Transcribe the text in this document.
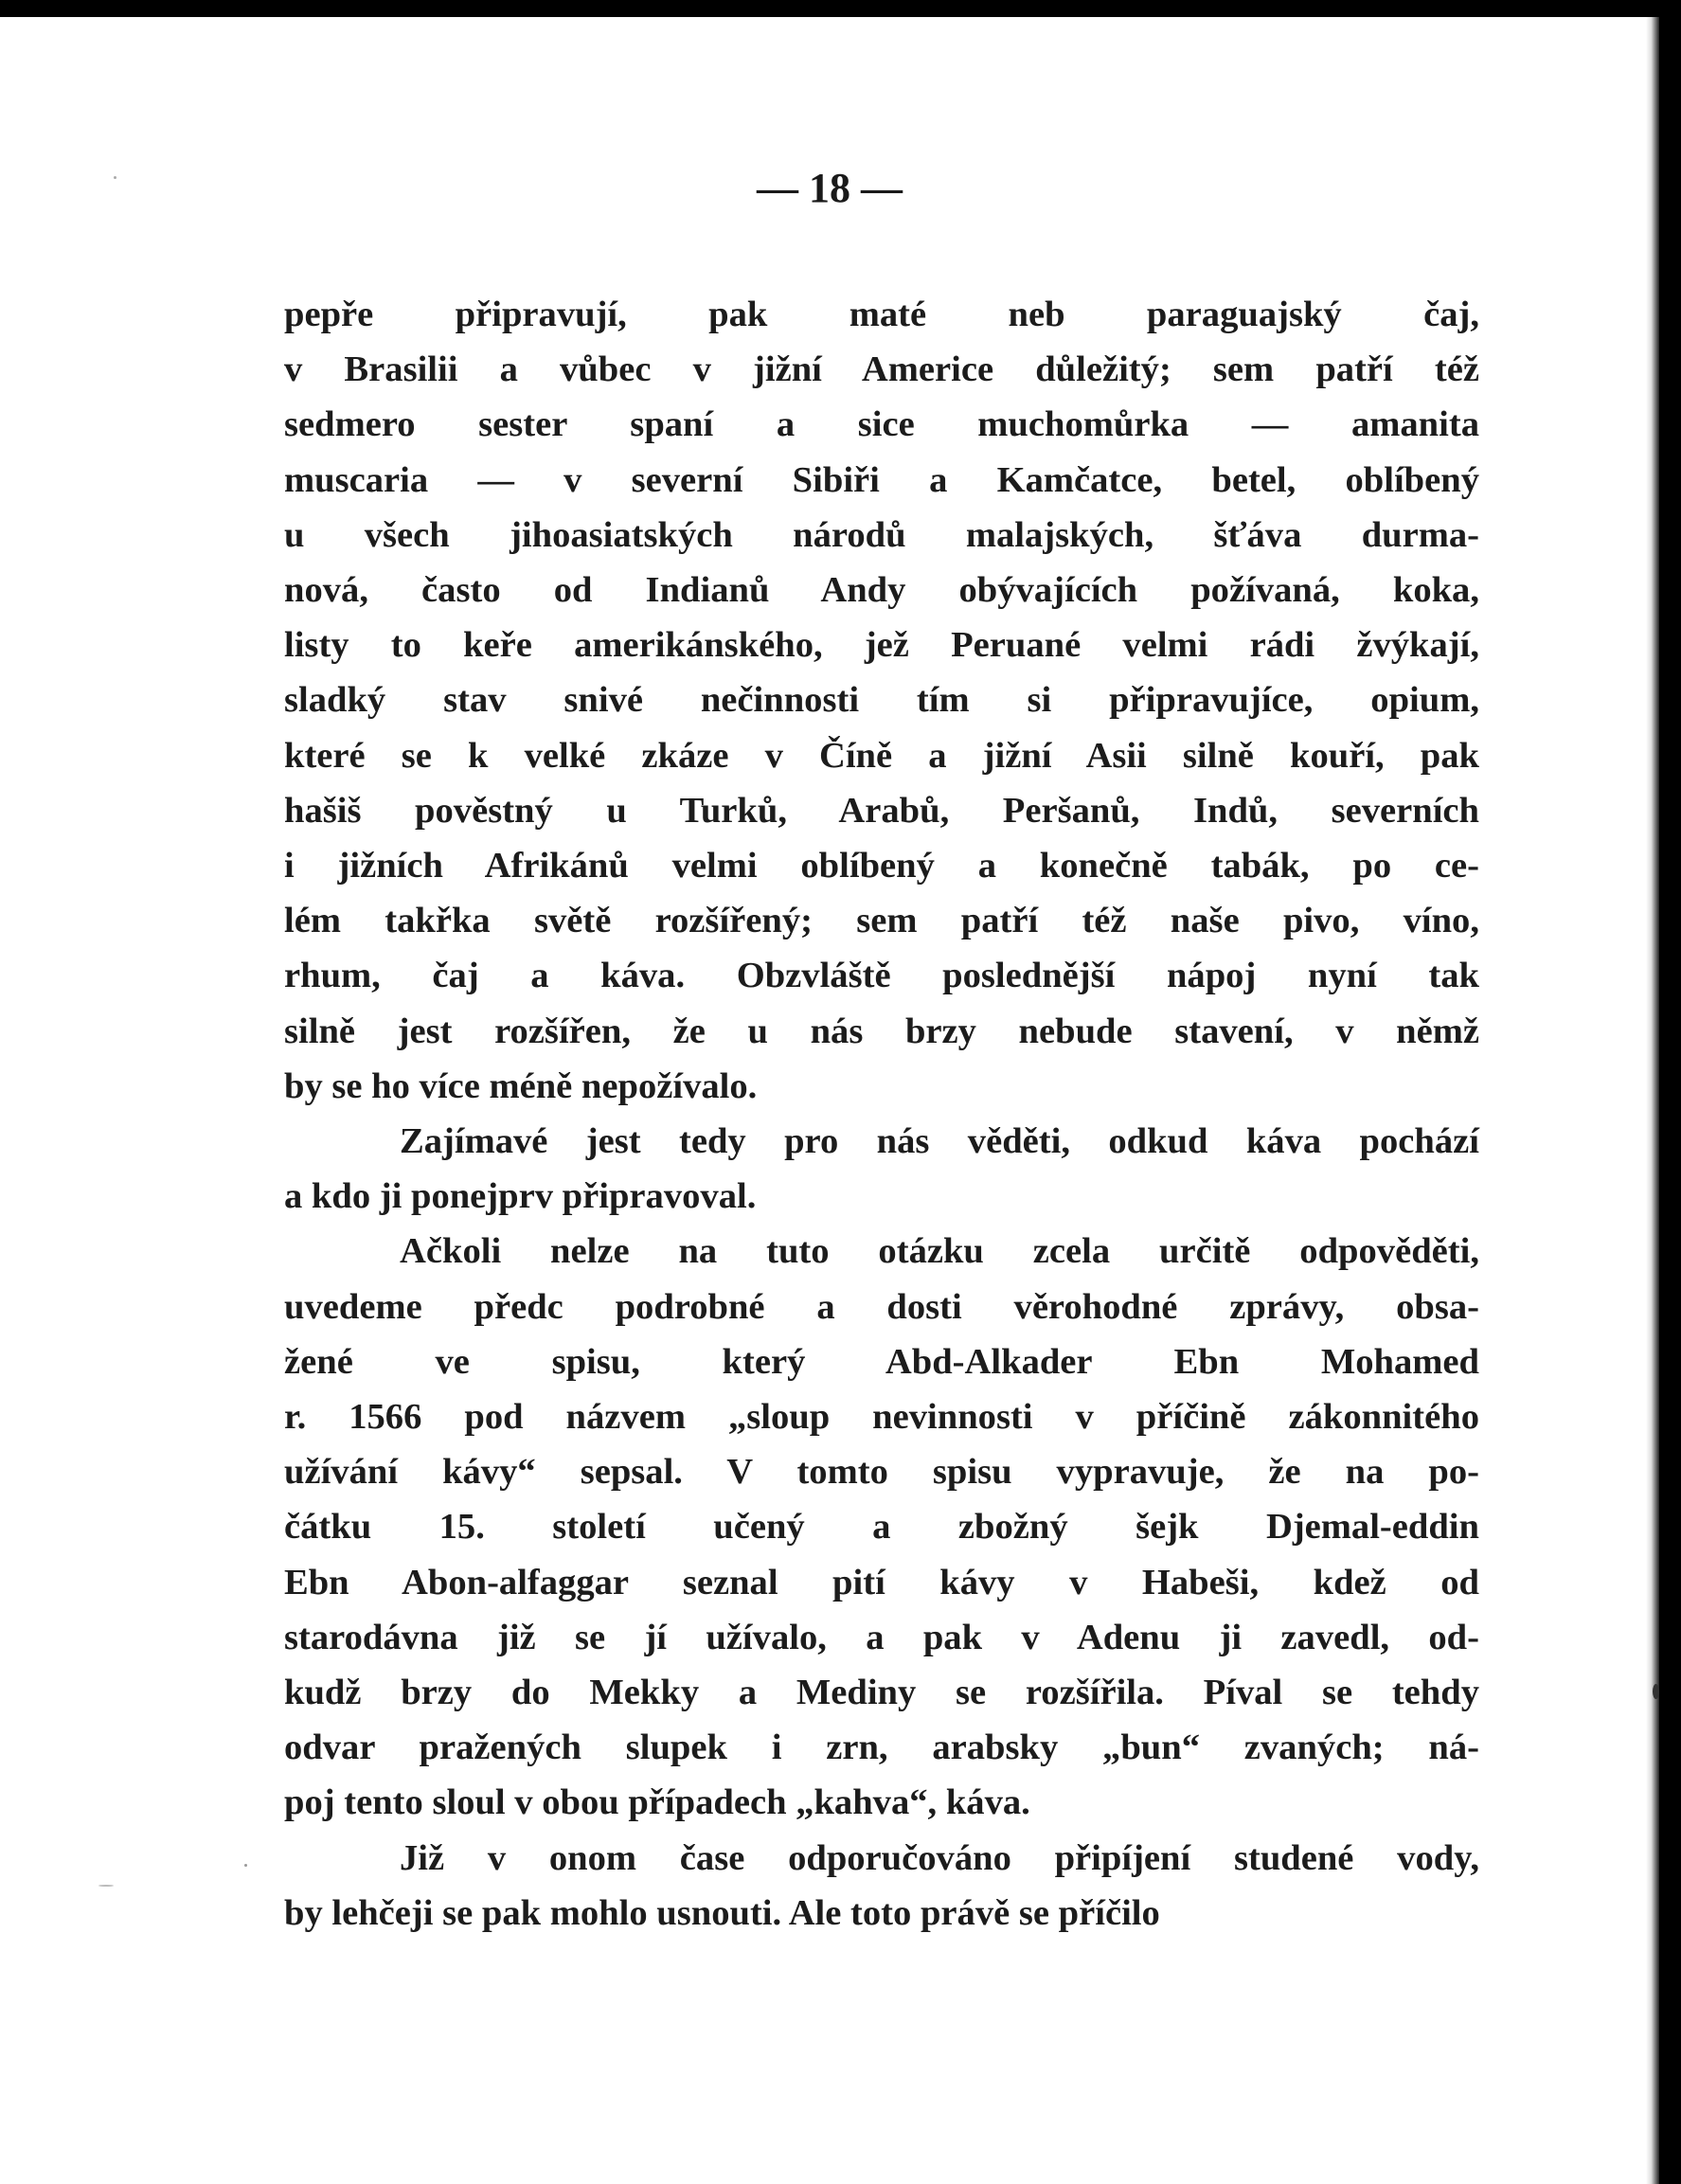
— 18 —

pepře připravují, pak maté neb paraguajský čaj,
v Brasilii a vůbec v jižní Americe důležitý; sem patří též
sedmero sester spaní a sice muchomůrka — amanita
muscaria — v severní Sibiři a Kamčatce, betel, oblíbený
u všech jihoasiatských národů malajských, šťáva durma-
nová, často od Indianů Andy obývajících požívaná, koka,
listy to keře amerikánského, jež Peruané velmi rádi žvýkají,
sladký stav snivé nečinnosti tím si připravujíce, opium,
které se k velké zkáze v Číně a jižní Asii silně kouří, pak
hašiš pověstný u Turků, Arabů, Peršanů, Indů, severních
i jižních Afrikánů velmi oblíbený a konečně tabák, po ce-
lém takřka světě rozšířený; sem patří též naše pivo, víno,
rhum, čaj a káva. Obzvláště poslednější nápoj nyní tak
silně jest rozšířen, že u nás brzy nebude stavení, v němž
by se ho více méně nepožívalo.

Zajímavé jest tedy pro nás věděti, odkud káva pochází
a kdo ji ponejprv připravoval.

Ačkoli nelze na tuto otázku zcela určitě odpověděti,
uvedeme předc podrobné a dosti věrohodné zprávy, obsa-
žené ve spisu, který Abd-Alkader Ebn Mohamed
r. 1566 pod názvem „sloup nevinnosti v příčině zákonnitého
užívání kávy“ sepsal. V tomto spisu vypravuje, že na po-
čátku 15. století učený a zbožný šejk Djemal-eddin
Ebn Abon-alfaggar seznal pití kávy v Habeši, kdež od
starodávna již se jí užívalo, a pak v Adenu ji zavedl, od-
kudž brzy do Mekky a Mediny se rozšířila. Píval se tehdy
odvar pražených slupek i zrn, arabsky „bun“ zvaných; ná-
poj tento sloul v obou případech „kahva“, káva.

Již v onom čase odporučováno připíjení studené vody,
by lehčeji se pak mohlo usnouti. Ale toto právě se příčilo
